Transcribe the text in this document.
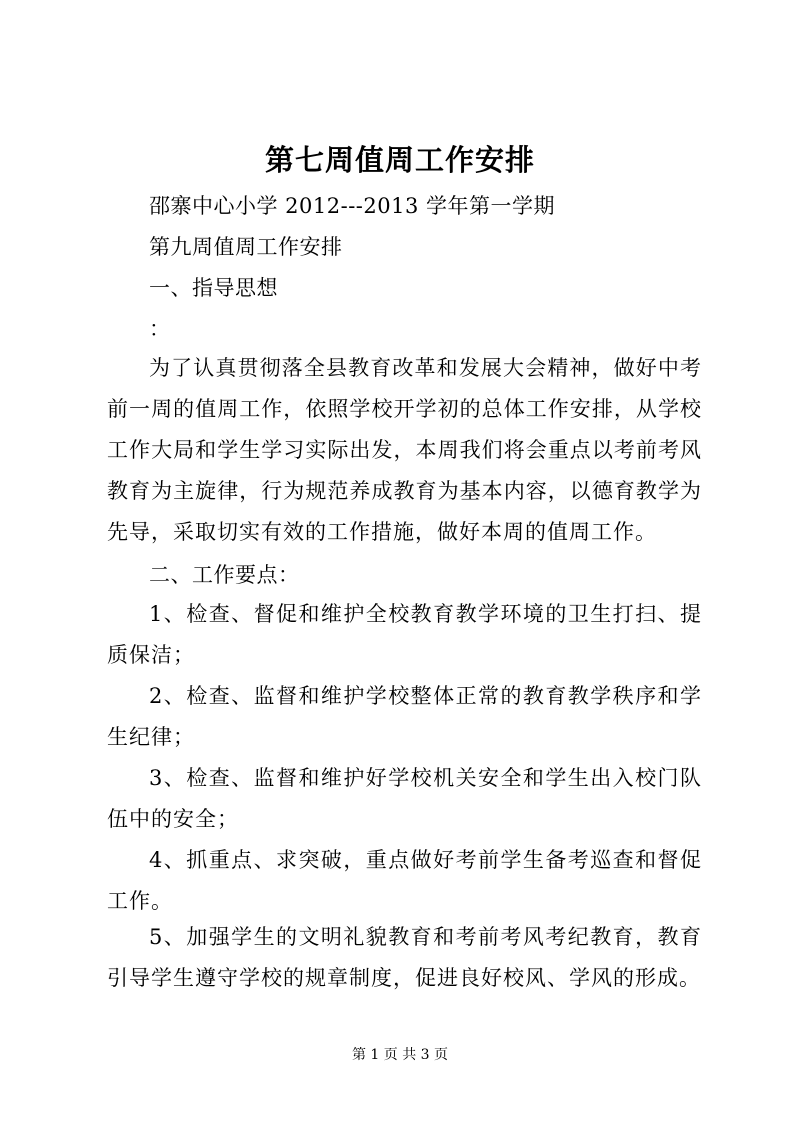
第七周值周工作安排
邵寨中心小学 2012---2013 学年第一学期
第九周值周工作安排
一、指导思想
：

为了认真贯彻落全县教育改革和发展大会精神，做好中考前一周的值周工作，依照学校开学初的总体工作安排，从学校工作大局和学生学习实际出发，本周我们将会重点以考前考风教育为主旋律，行为规范养成教育为基本内容，以德育教学为先导，采取切实有效的工作措施，做好本周的值周工作。

二、工作要点：

1、检查、督促和维护全校教育教学环境的卫生打扫、提质保洁；

2、检查、监督和维护学校整体正常的教育教学秩序和学生纪律；

3、检查、监督和维护好学校机关安全和学生出入校门队伍中的安全；

4、抓重点、求突破，重点做好考前学生备考巡查和督促工作。

5、加强学生的文明礼貌教育和考前考风考纪教育，教育引导学生遵守学校的规章制度，促进良好校风、学风的形成。

第 1 页 共 3 页
